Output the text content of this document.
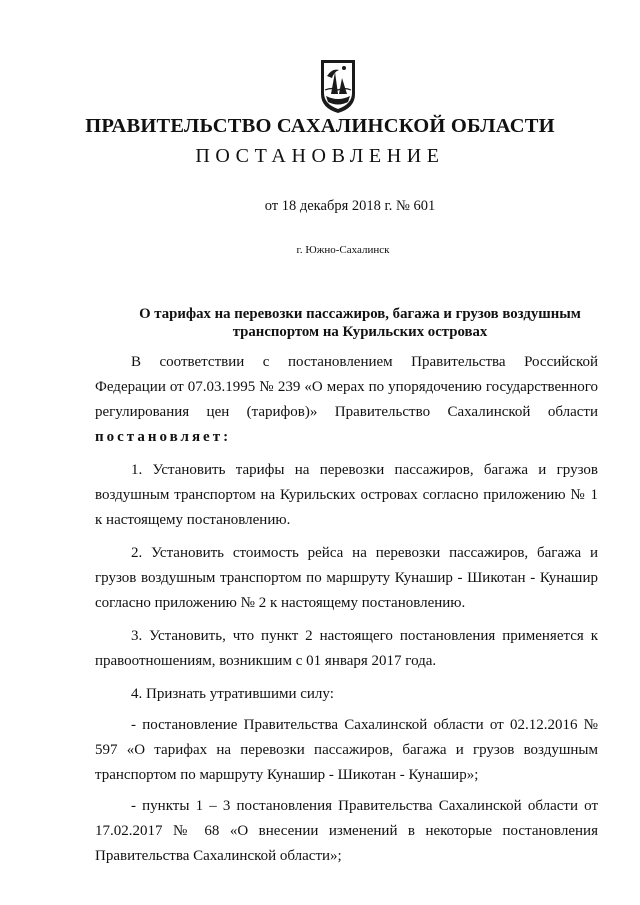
ПРАВИТЕЛЬСТВО САХАЛИНСКОЙ ОБЛАСТИ
ПОСТАНОВЛЕНИЕ
от 18 декабря 2018 г. № 601
г. Южно-Сахалинск
О тарифах на перевозки пассажиров, багажа и грузов воздушным
транспортом на Курильских островах

В соответствии с постановлением Правительства Российской Федерации от 07.03.1995 № 239 «О мерах по упорядочению государственного регулирования цен (тарифов)» Правительство Сахалинской области постановляет:

1. Установить тарифы на перевозки пассажиров, багажа и грузов воздушным транспортом на Курильских островах согласно приложению № 1 к настоящему постановлению.

2. Установить стоимость рейса на перевозки пассажиров, багажа и грузов воздушным транспортом по маршруту Кунашир - Шикотан - Кунашир согласно приложению № 2 к настоящему постановлению.

3. Установить, что пункт 2 настоящего постановления применяется к правоотношениям, возникшим с 01 января 2017 года.

4. Признать утратившими силу:

- постановление Правительства Сахалинской области от 02.12.2016 № 597 «О тарифах на перевозки пассажиров, багажа и грузов воздушным транспортом по маршруту Кунашир - Шикотан - Кунашир»;

- пункты 1 – 3 постановления Правительства Сахалинской области от 17.02.2017 № 68 «О внесении изменений в некоторые постановления Правительства Сахалинской области»;
